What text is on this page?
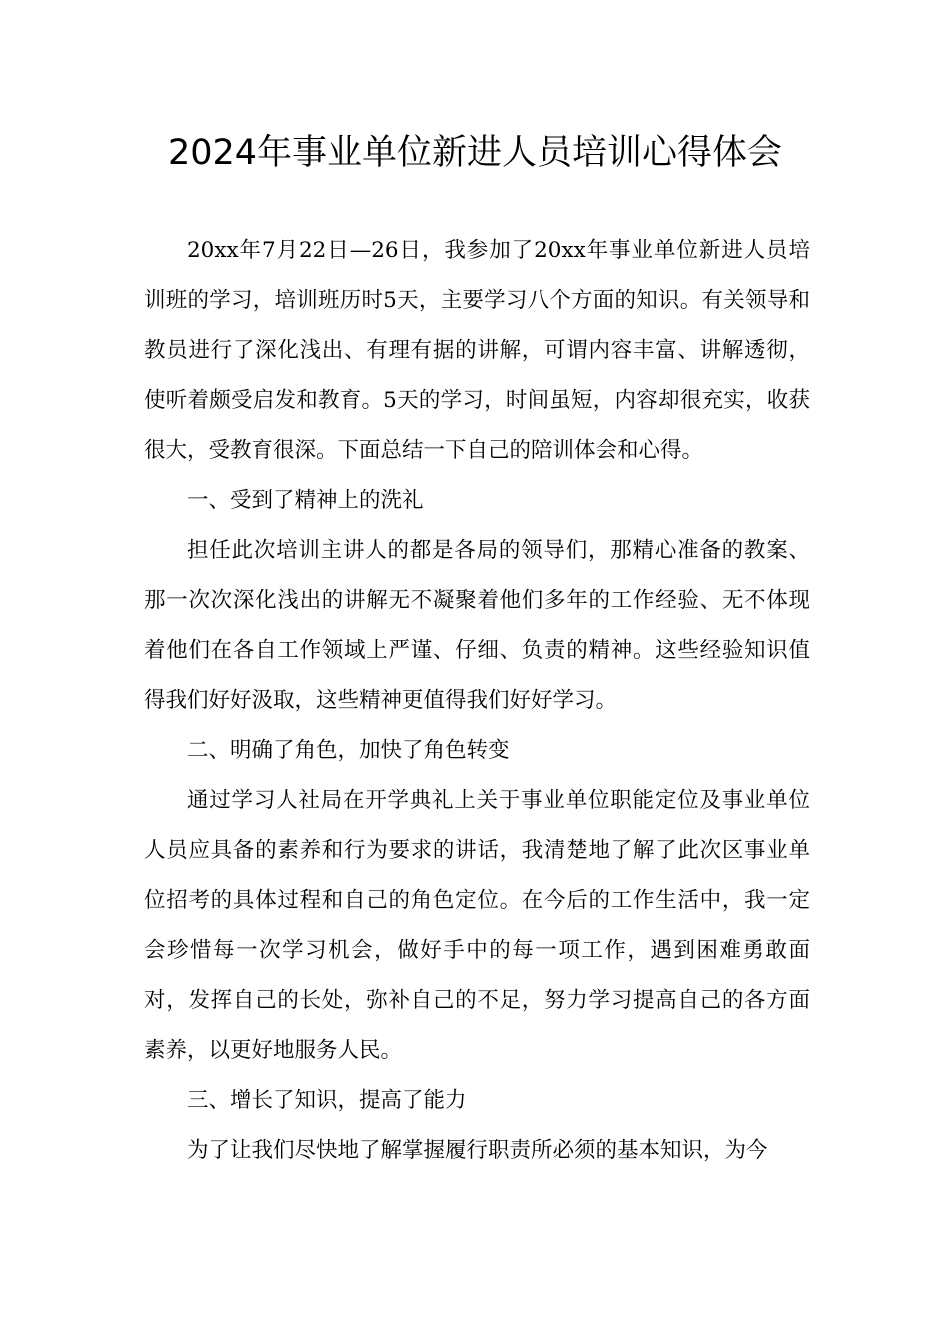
2024年事业单位新进人员培训心得体会

20xx年7月22日—26日，我参加了20xx年事业单位新进人员培训班的学习，培训班历时5天，主要学习八个方面的知识。有关领导和教员进行了深化浅出、有理有据的讲解，可谓内容丰富、讲解透彻，使听着颇受启发和教育。5天的学习，时间虽短，内容却很充实，收获很大，受教育很深。下面总结一下自己的陪训体会和心得。

一、受到了精神上的洗礼

担任此次培训主讲人的都是各局的领导们，那精心准备的教案、那一次次深化浅出的讲解无不凝聚着他们多年的工作经验、无不体现着他们在各自工作领域上严谨、仔细、负责的精神。这些经验知识值得我们好好汲取，这些精神更值得我们好好学习。

二、明确了角色，加快了角色转变

通过学习人社局在开学典礼上关于事业单位职能定位及事业单位人员应具备的素养和行为要求的讲话，我清楚地了解了此次区事业单位招考的具体过程和自己的角色定位。在今后的工作生活中，我一定会珍惜每一次学习机会，做好手中的每一项工作，遇到困难勇敢面对，发挥自己的长处，弥补自己的不足，努力学习提高自己的各方面素养，以更好地服务人民。

三、增长了知识，提高了能力

为了让我们尽快地了解掌握履行职责所必须的基本知识，为今
